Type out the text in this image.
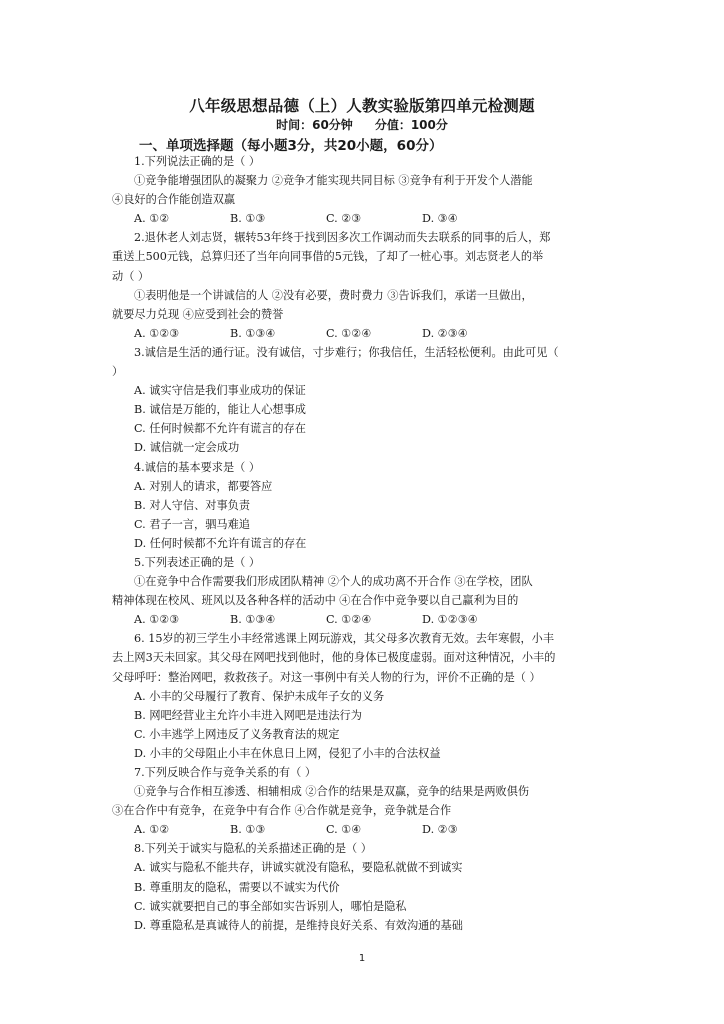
八年级思想品德（上）人教实验版第四单元检测题
时间：60分钟 分值：100分
一、单项选择题（每小题3分，共20小题，60分）
1.下列说法正确的是（ ）
①竞争能增强团队的凝聚力 ②竞争才能实现共同目标 ③竞争有利于开发个人潜能
④良好的合作能创造双赢
A. ①②	B. ①③	C. ②③	D. ③④
2.退休老人刘志贤，辗转53年终于找到因多次工作调动而失去联系的同事的后人，郑
重送上500元钱，总算归还了当年向同事借的5元钱，了却了一桩心事。刘志贤老人的举
动（ ）
①表明他是一个讲诚信的人 ②没有必要，费时费力 ③告诉我们，承诺一旦做出，
就要尽力兑现 ④应受到社会的赞誉
A. ①②③	B. ①③④	C. ①②④	D. ②③④
3.诚信是生活的通行证。没有诚信，寸步难行；你我信任，生活轻松便利。由此可见（
）
A. 诚实守信是我们事业成功的保证
B. 诚信是万能的，能让人心想事成
C. 任何时候都不允许有谎言的存在
D. 诚信就一定会成功
4.诚信的基本要求是（ ）
A. 对别人的请求，都要答应
B. 对人守信、对事负责
C. 君子一言，驷马难追
D. 任何时候都不允许有谎言的存在
5.下列表述正确的是（ ）
①在竞争中合作需要我们形成团队精神 ②个人的成功离不开合作 ③在学校，团队
精神体现在校风、班风以及各种各样的活动中 ④在合作中竞争要以自己赢利为目的
A. ①②③	B. ①③④	C. ①②④	D. ①②③④
6. 15岁的初三学生小丰经常逃课上网玩游戏，其父母多次教育无效。去年寒假，小丰
去上网3天未回家。其父母在网吧找到他时，他的身体已极度虚弱。面对这种情况，小丰的
父母呼吁：整治网吧，救救孩子。对这一事例中有关人物的行为，评价不正确的是（ ）
A. 小丰的父母履行了教育、保护未成年子女的义务
B. 网吧经营业主允许小丰进入网吧是违法行为
C. 小丰逃学上网违反了义务教育法的规定
D. 小丰的父母阻止小丰在休息日上网，侵犯了小丰的合法权益
7.下列反映合作与竞争关系的有（ ）
①竞争与合作相互渗透、相辅相成 ②合作的结果是双赢，竞争的结果是两败俱伤
③在合作中有竞争，在竞争中有合作 ④合作就是竞争，竞争就是合作
A. ①②	B. ①③	C. ①④	D. ②③
8.下列关于诚实与隐私的关系描述正确的是（ ）
A. 诚实与隐私不能共存，讲诚实就没有隐私，要隐私就做不到诚实
B. 尊重朋友的隐私，需要以不诚实为代价
C. 诚实就要把自己的事全部如实告诉别人，哪怕是隐私
D. 尊重隐私是真诚待人的前提，是维持良好关系、有效沟通的基础
1
